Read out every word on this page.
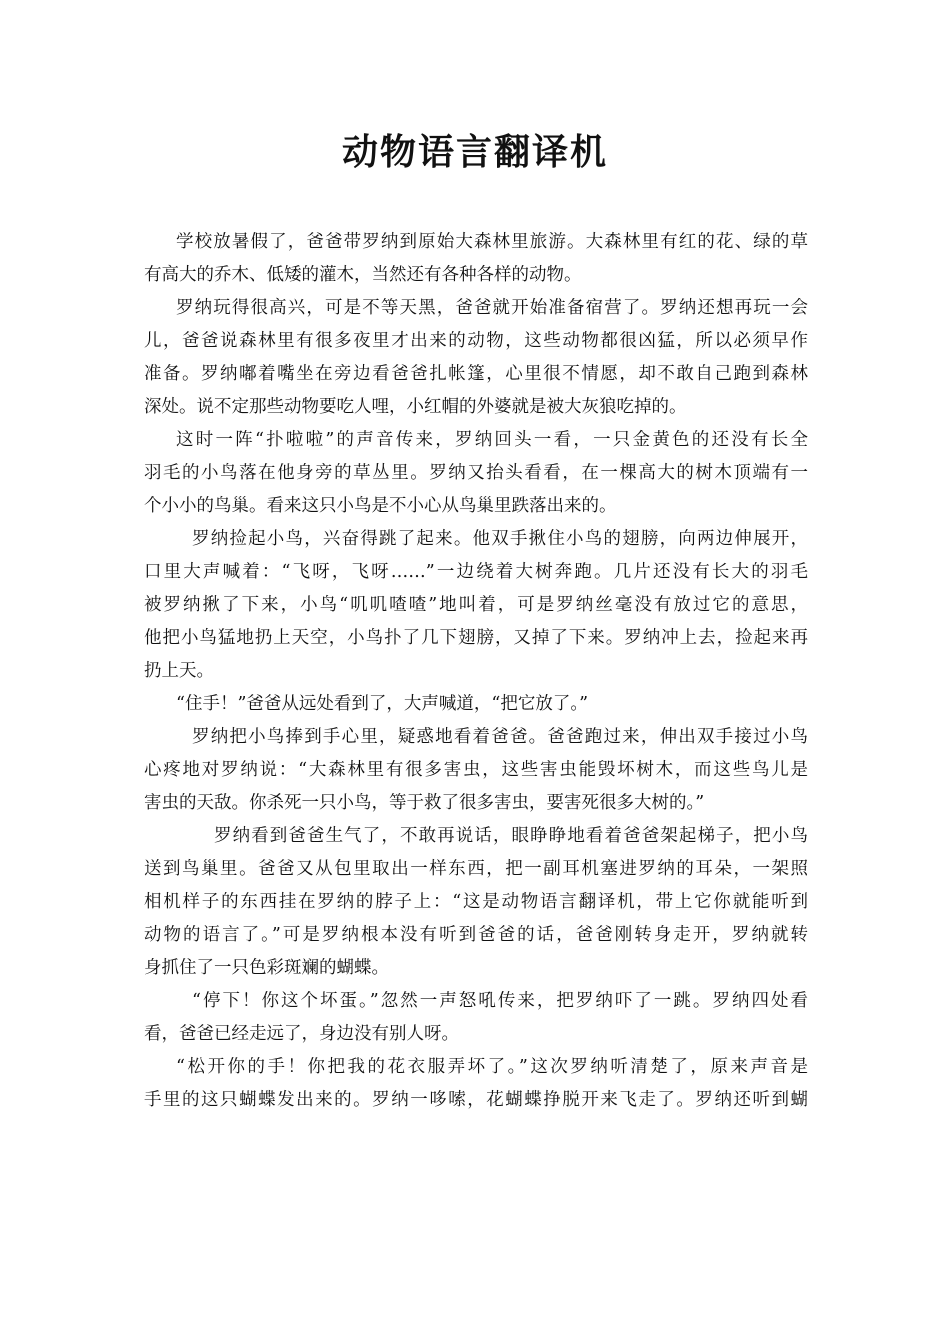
动物语言翻译机
学校放暑假了，爸爸带罗纳到原始大森林里旅游。大森林里有红的花、绿的草
有高大的乔木、低矮的灌木，当然还有各种各样的动物。
罗纳玩得很高兴，可是不等天黑，爸爸就开始准备宿营了。罗纳还想再玩一会
儿，爸爸说森林里有很多夜里才出来的动物，这些动物都很凶猛，所以必须早作
准备。罗纳嘟着嘴坐在旁边看爸爸扎帐篷，心里很不情愿，却不敢自己跑到森林
深处。说不定那些动物要吃人哩，小红帽的外婆就是被大灰狼吃掉的。
这时一阵“扑啦啦”的声音传来，罗纳回头一看，一只金黄色的还没有长全
羽毛的小鸟落在他身旁的草丛里。罗纳又抬头看看，在一棵高大的树木顶端有一
个小小的鸟巢。看来这只小鸟是不小心从鸟巢里跌落出来的。
罗纳捡起小鸟，兴奋得跳了起来。他双手揪住小鸟的翅膀，向两边伸展开，
口里大声喊着：“飞呀，飞呀……”一边绕着大树奔跑。几片还没有长大的羽毛
被罗纳揪了下来，小鸟“叽叽喳喳”地叫着，可是罗纳丝毫没有放过它的意思，
他把小鸟猛地扔上天空，小鸟扑了几下翅膀，又掉了下来。罗纳冲上去，捡起来再
扔上天。
“住手！”爸爸从远处看到了，大声喊道，“把它放了。”
罗纳把小鸟捧到手心里，疑惑地看着爸爸。爸爸跑过来，伸出双手接过小鸟
心疼地对罗纳说：“大森林里有很多害虫，这些害虫能毁坏树木，而这些鸟儿是
害虫的天敌。你杀死一只小鸟，等于救了很多害虫，要害死很多大树的。”
罗纳看到爸爸生气了，不敢再说话，眼睁睁地看着爸爸架起梯子，把小鸟
送到鸟巢里。爸爸又从包里取出一样东西，把一副耳机塞进罗纳的耳朵，一架照
相机样子的东西挂在罗纳的脖子上：“这是动物语言翻译机，带上它你就能听到
动物的语言了。”可是罗纳根本没有听到爸爸的话，爸爸刚转身走开，罗纳就转
身抓住了一只色彩斑斓的蝴蝶。
“停下！你这个坏蛋。”忽然一声怒吼传来，把罗纳吓了一跳。罗纳四处看
看，爸爸已经走远了，身边没有别人呀。
“松开你的手！你把我的花衣服弄坏了。”这次罗纳听清楚了，原来声音是
手里的这只蝴蝶发出来的。罗纳一哆嗦，花蝴蝶挣脱开来飞走了。罗纳还听到蝴
